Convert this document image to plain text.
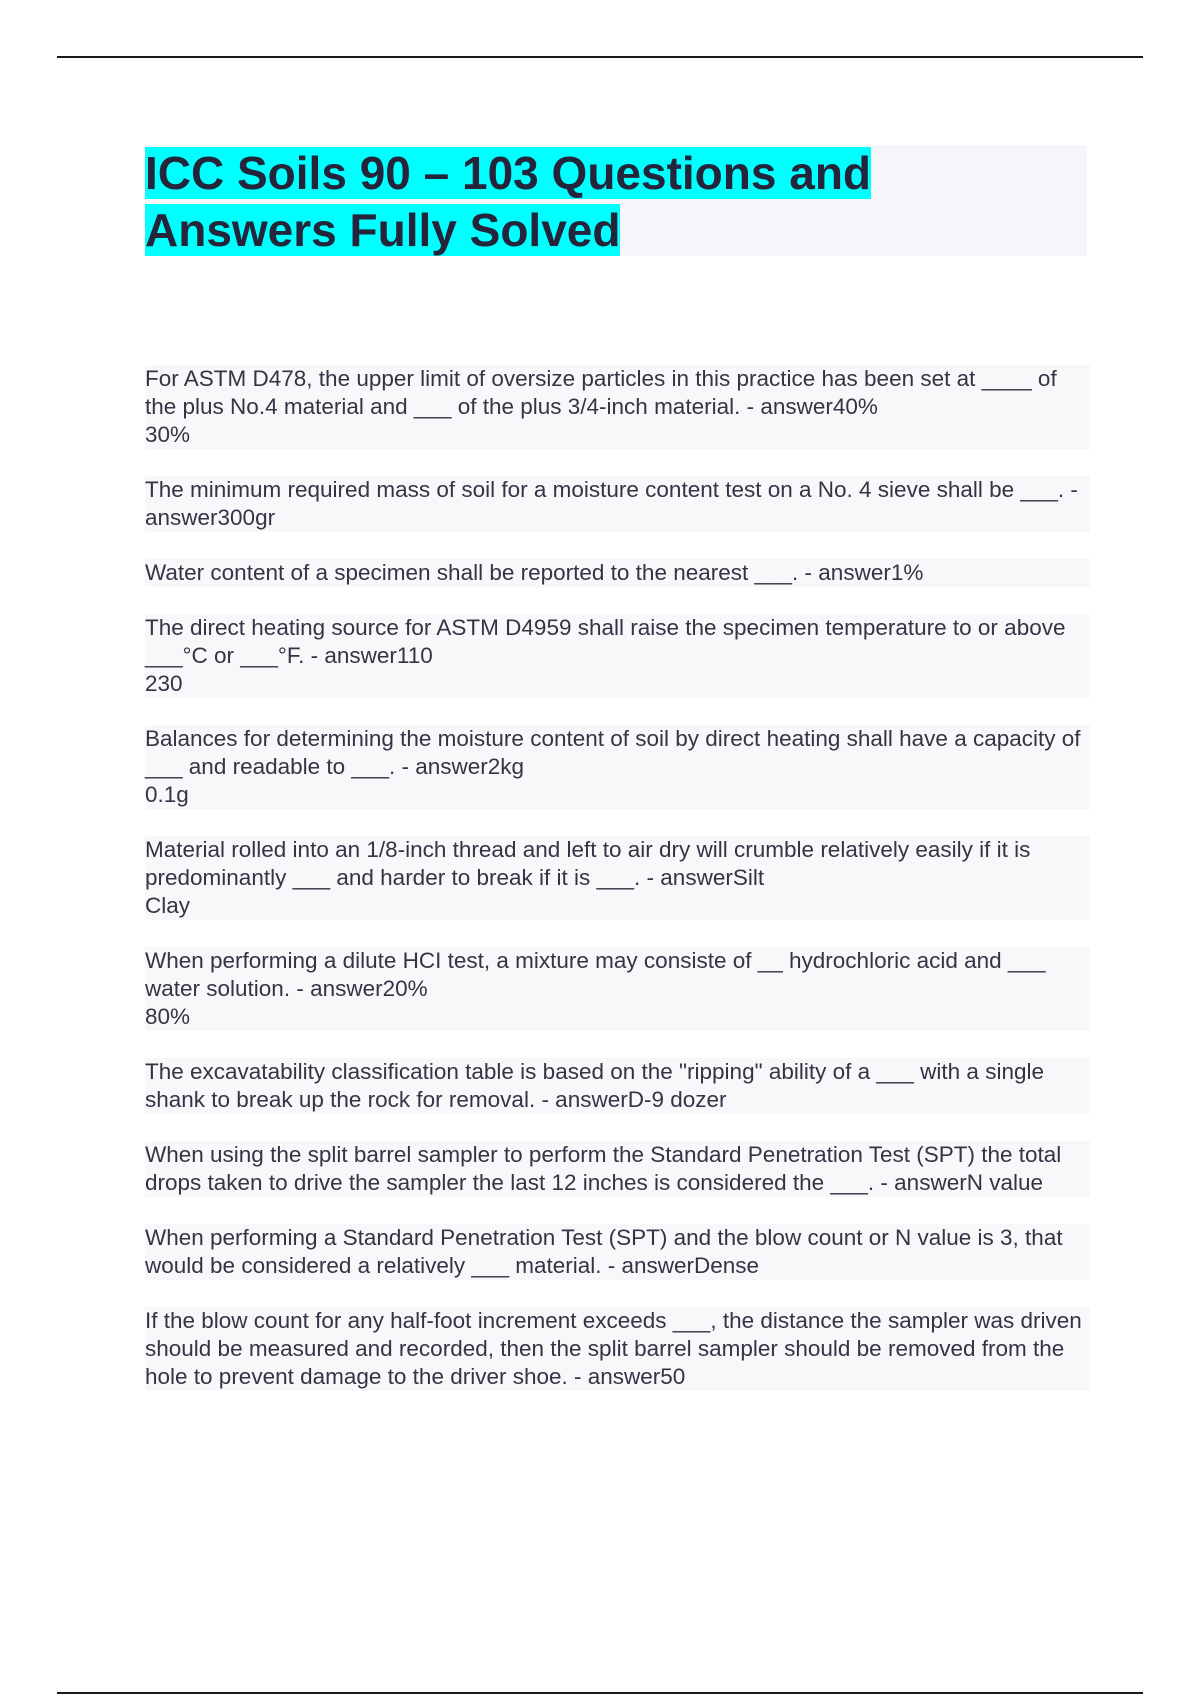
ICC Soils 90 – 103 Questions and Answers Fully Solved

For ASTM D478, the upper limit of oversize particles in this practice has been set at ____ of the plus No.4 material and ___ of the plus 3/4-inch material. - answer40%
30%

The minimum required mass of soil for a moisture content test on a No. 4 sieve shall be ___. - answer300gr

Water content of a specimen shall be reported to the nearest ___. - answer1%

The direct heating source for ASTM D4959 shall raise the specimen temperature to or above ___°C or ___°F. - answer110
230

Balances for determining the moisture content of soil by direct heating shall have a capacity of ___ and readable to ___. - answer2kg
0.1g

Material rolled into an 1/8-inch thread and left to air dry will crumble relatively easily if it is predominantly ___ and harder to break if it is ___. - answerSilt
Clay

When performing a dilute HCI test, a mixture may consiste of __ hydrochloric acid and ___ water solution. - answer20%
80%

The excavatability classification table is based on the "ripping" ability of a ___ with a single shank to break up the rock for removal. - answerD-9 dozer

When using the split barrel sampler to perform the Standard Penetration Test (SPT) the total drops taken to drive the sampler the last 12 inches is considered the ___. - answerN value

When performing a Standard Penetration Test (SPT) and the blow count or N value is 3, that would be considered a relatively ___ material. - answerDense

If the blow count for any half-foot increment exceeds ___, the distance the sampler was driven should be measured and recorded, then the split barrel sampler should be removed from the hole to prevent damage to the driver shoe. - answer50
